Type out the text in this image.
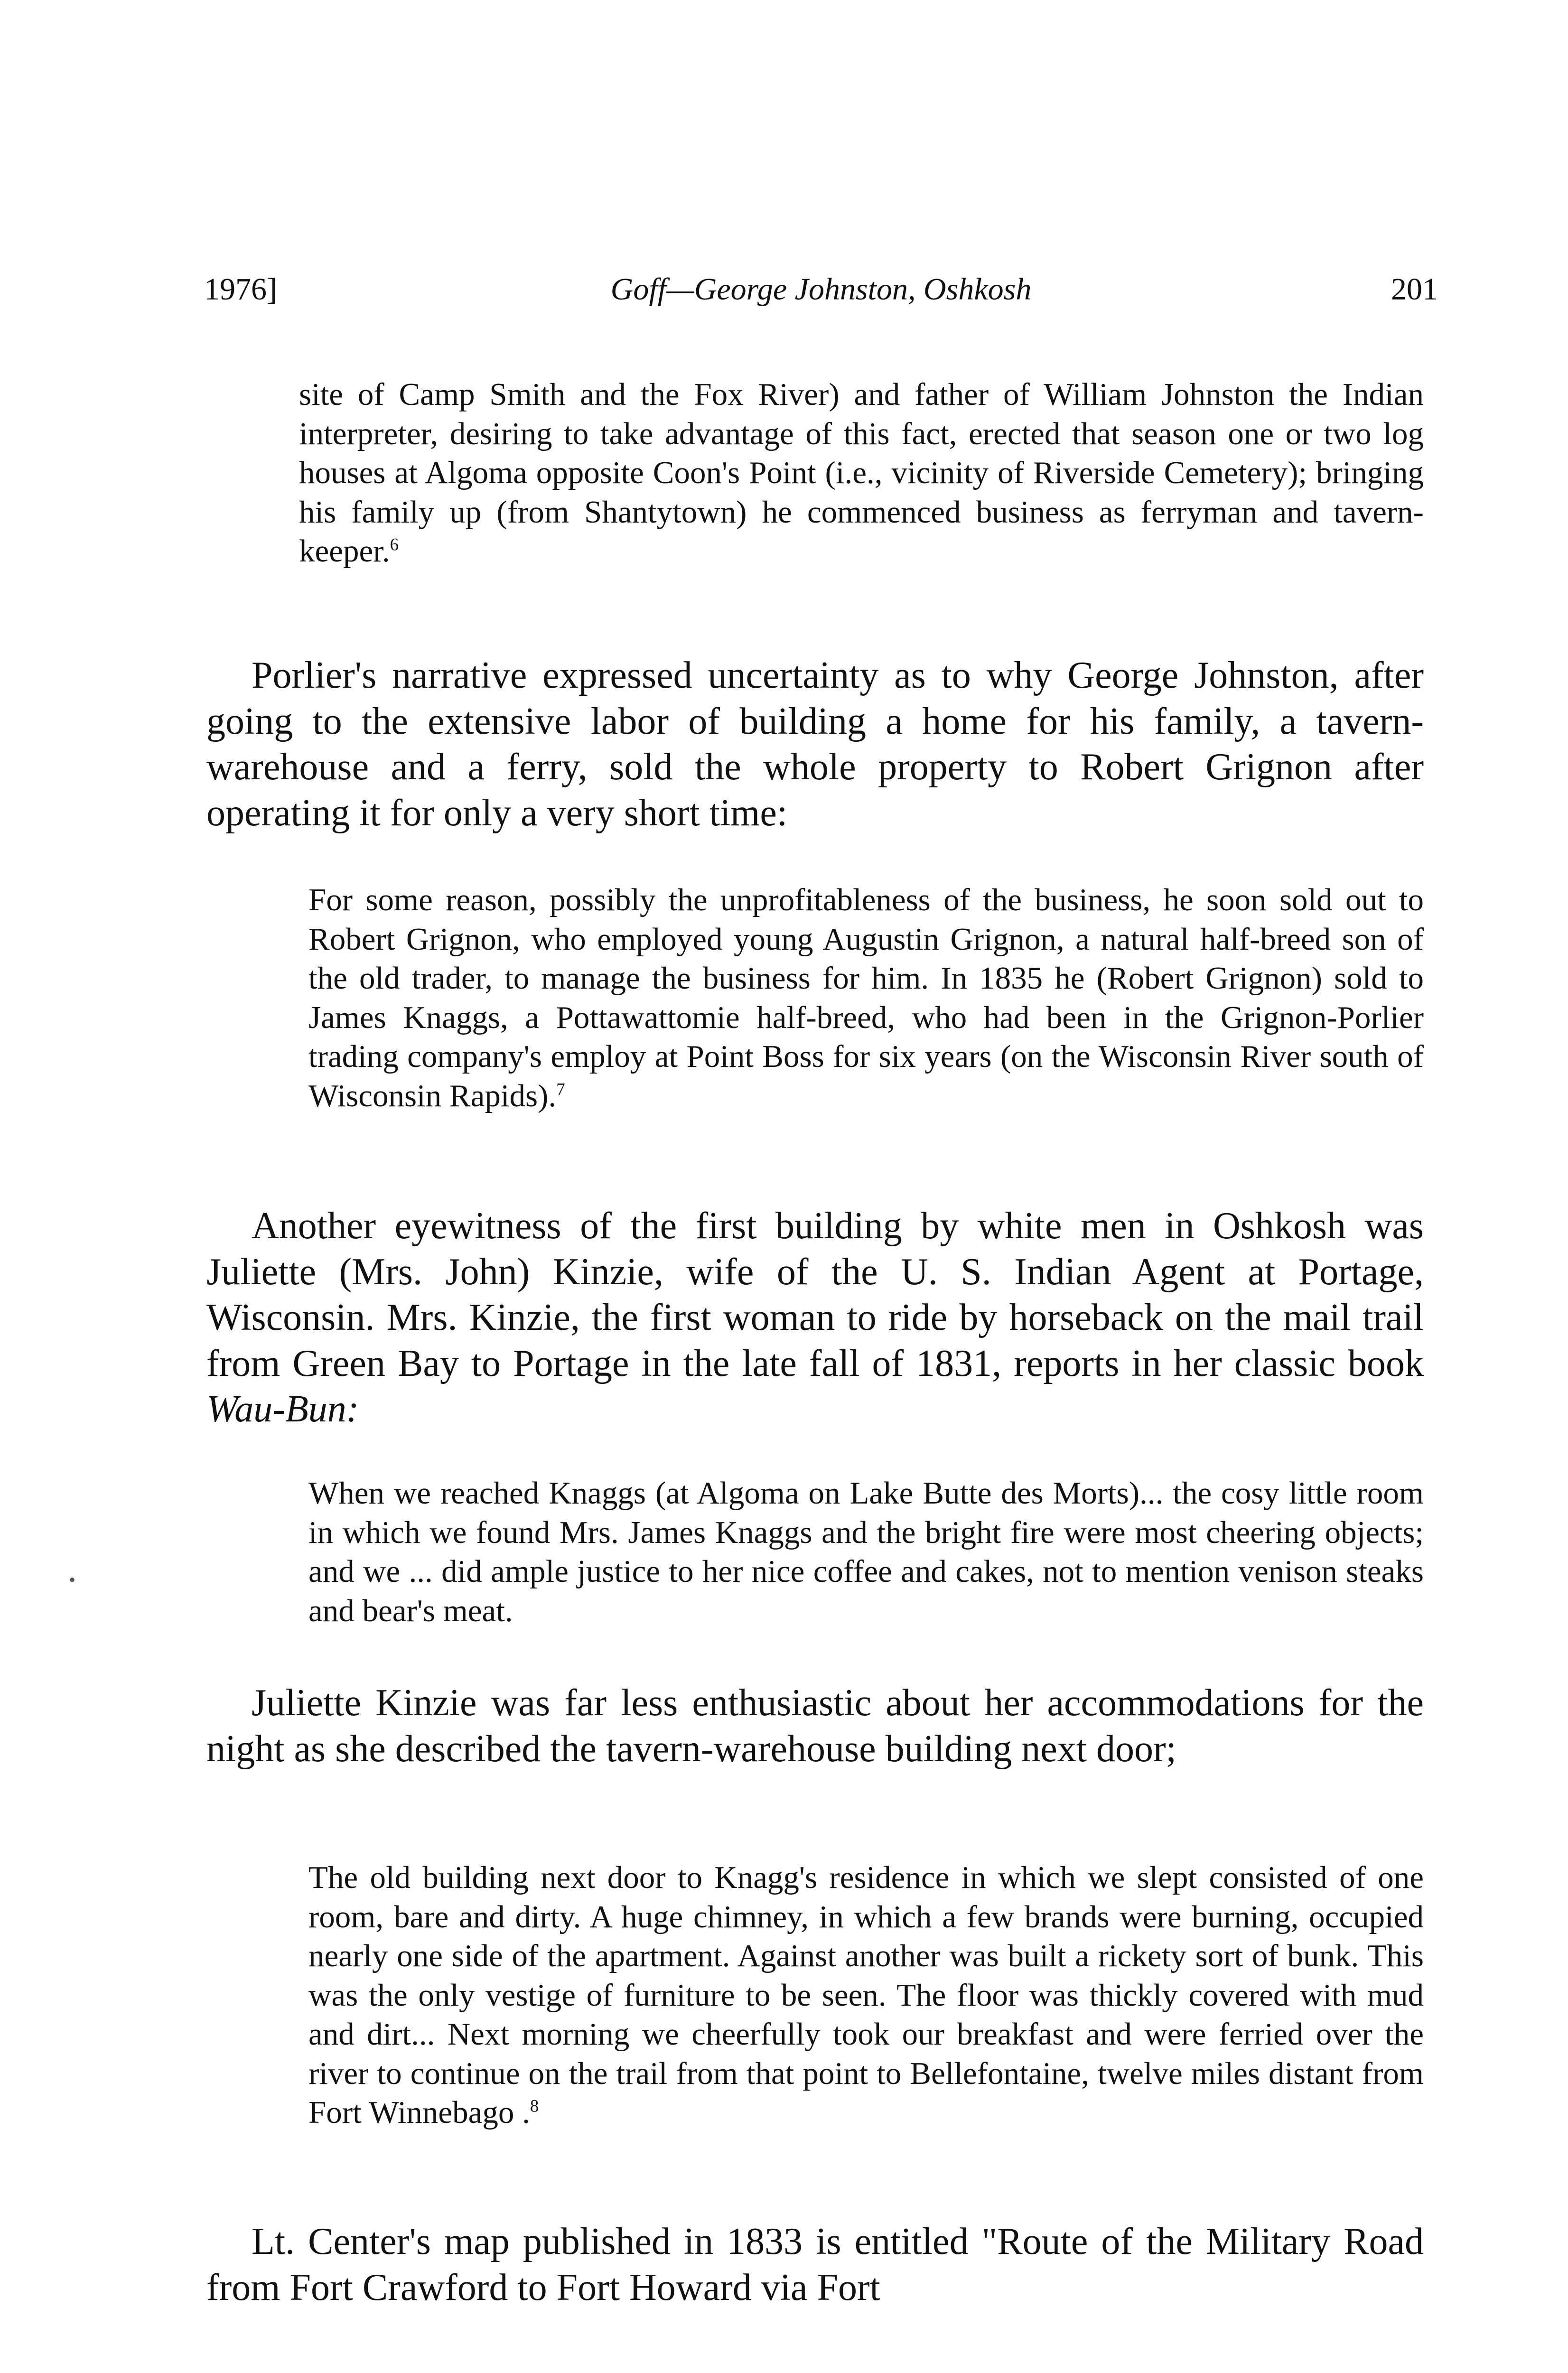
1976]	Goff—George Johnston, Oshkosh	201

site of Camp Smith and the Fox River) and father of William Johnston the Indian interpreter, desiring to take advantage of this fact, erected that season one or two log houses at Algoma opposite Coon's Point (i.e., vicinity of Riverside Cemetery); bringing his family up (from Shantytown) he commenced business as ferryman and tavern-keeper.$^6$

Porlier's narrative expressed uncertainty as to why George Johnston, after going to the extensive labor of building a home for his family, a tavern-warehouse and a ferry, sold the whole property to Robert Grignon after operating it for only a very short time:

For some reason, possibly the unprofitableness of the business, he soon sold out to Robert Grignon, who employed young Augustin Grignon, a natural half-breed son of the old trader, to manage the business for him. In 1835 he (Robert Grignon) sold to James Knaggs, a Pottawattomie half-breed, who had been in the Grignon-Porlier trading company's employ at Point Boss for six years (on the Wisconsin River south of Wisconsin Rapids).$^7$

Another eyewitness of the first building by white men in Oshkosh was Juliette (Mrs. John) Kinzie, wife of the U. S. Indian Agent at Portage, Wisconsin. Mrs. Kinzie, the first woman to ride by horseback on the mail trail from Green Bay to Portage in the late fall of 1831, reports in her classic book Wau-Bun:

When we reached Knaggs (at Algoma on Lake Butte des Morts)... the cosy little room in which we found Mrs. James Knaggs and the bright fire were most cheering objects; and we ... did ample justice to her nice coffee and cakes, not to mention venison steaks and bear's meat.

Juliette Kinzie was far less enthusiastic about her accommodations for the night as she described the tavern-warehouse building next door;

The old building next door to Knagg's residence in which we slept consisted of one room, bare and dirty. A huge chimney, in which a few brands were burning, occupied nearly one side of the apartment. Against another was built a rickety sort of bunk. This was the only vestige of furniture to be seen. The floor was thickly covered with mud and dirt... Next morning we cheerfully took our breakfast and were ferried over the river to continue on the trail from that point to Bellefontaine, twelve miles distant from Fort Winnebago .$^8$

Lt. Center's map published in 1833 is entitled "Route of the Military Road from Fort Crawford to Fort Howard via Fort

•
